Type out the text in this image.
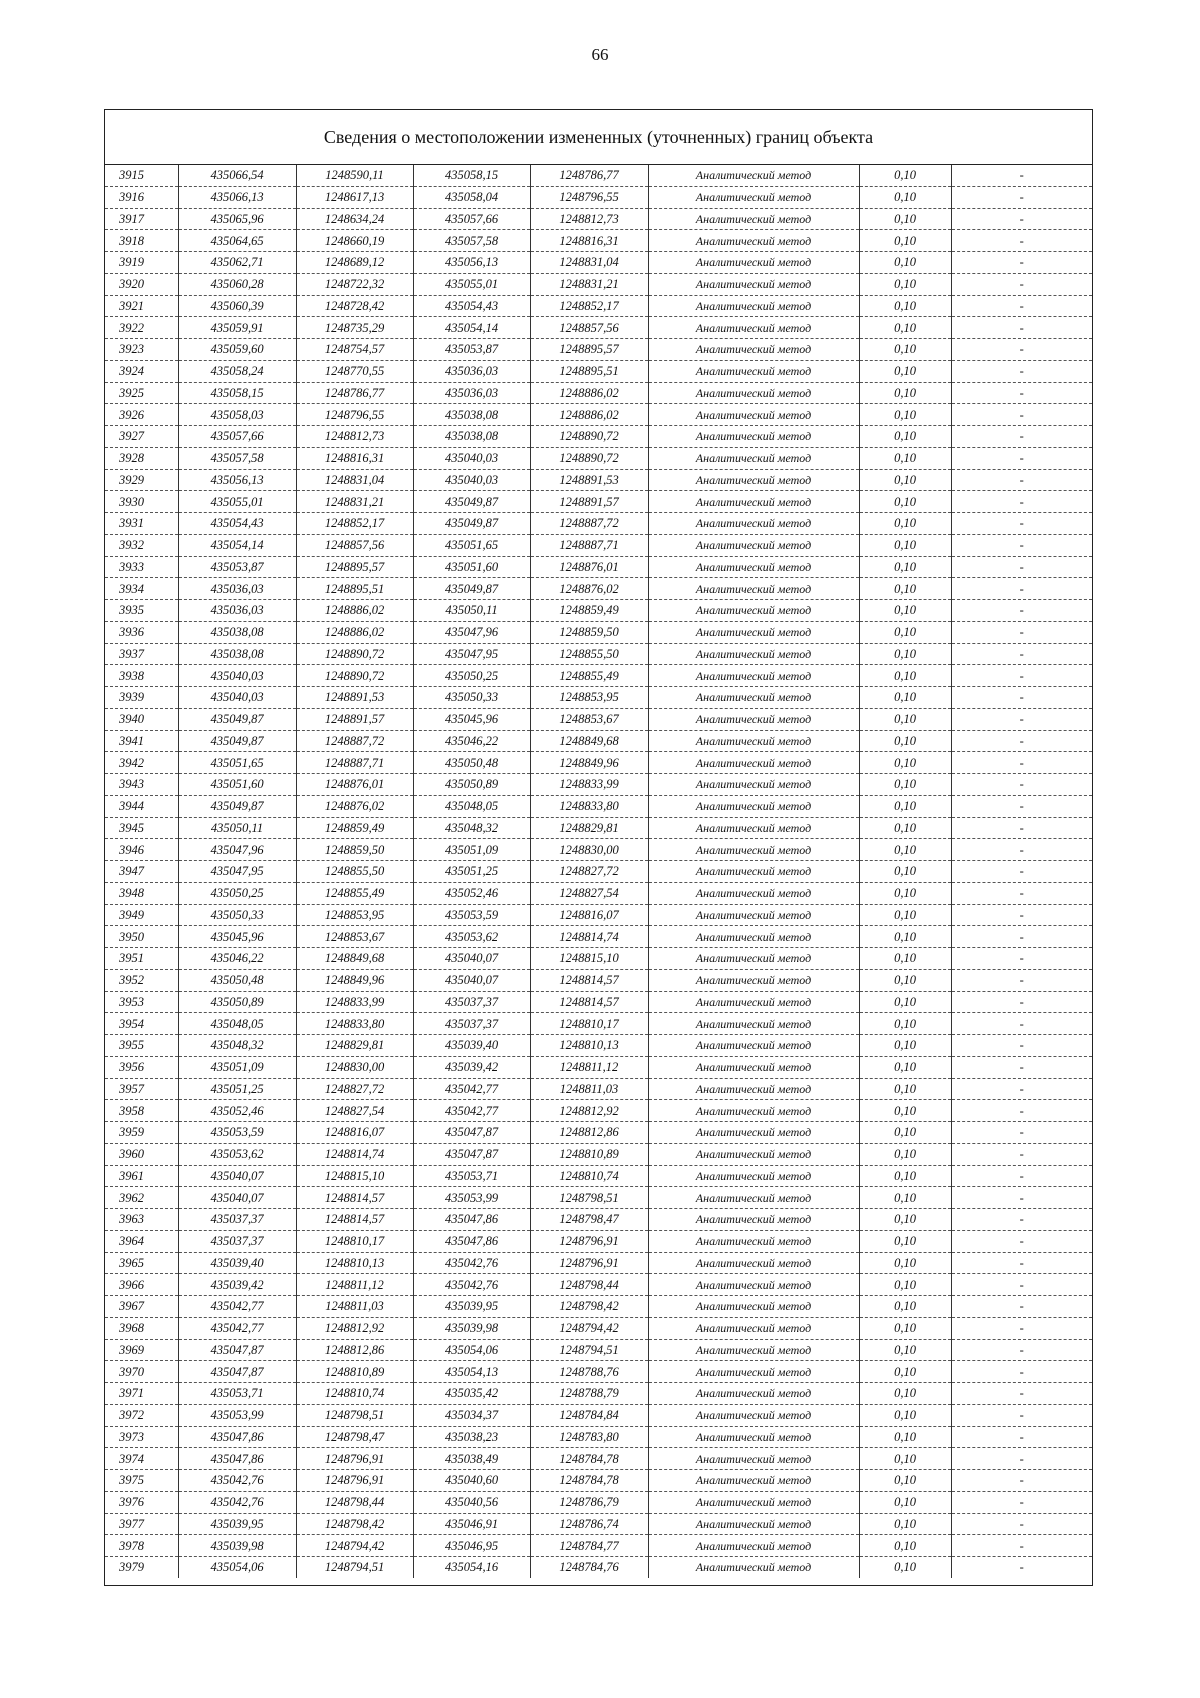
66
Сведения о местоположении измененных (уточненных) границ объекта
3915	435066,54	1248590,11	435058,15	1248786,77	Аналитический метод	0,10	-
3916	435066,13	1248617,13	435058,04	1248796,55	Аналитический метод	0,10	-
3917	435065,96	1248634,24	435057,66	1248812,73	Аналитический метод	0,10	-
3918	435064,65	1248660,19	435057,58	1248816,31	Аналитический метод	0,10	-
3919	435062,71	1248689,12	435056,13	1248831,04	Аналитический метод	0,10	-
3920	435060,28	1248722,32	435055,01	1248831,21	Аналитический метод	0,10	-
3921	435060,39	1248728,42	435054,43	1248852,17	Аналитический метод	0,10	-
3922	435059,91	1248735,29	435054,14	1248857,56	Аналитический метод	0,10	-
3923	435059,60	1248754,57	435053,87	1248895,57	Аналитический метод	0,10	-
3924	435058,24	1248770,55	435036,03	1248895,51	Аналитический метод	0,10	-
3925	435058,15	1248786,77	435036,03	1248886,02	Аналитический метод	0,10	-
3926	435058,03	1248796,55	435038,08	1248886,02	Аналитический метод	0,10	-
3927	435057,66	1248812,73	435038,08	1248890,72	Аналитический метод	0,10	-
3928	435057,58	1248816,31	435040,03	1248890,72	Аналитический метод	0,10	-
3929	435056,13	1248831,04	435040,03	1248891,53	Аналитический метод	0,10	-
3930	435055,01	1248831,21	435049,87	1248891,57	Аналитический метод	0,10	-
3931	435054,43	1248852,17	435049,87	1248887,72	Аналитический метод	0,10	-
3932	435054,14	1248857,56	435051,65	1248887,71	Аналитический метод	0,10	-
3933	435053,87	1248895,57	435051,60	1248876,01	Аналитический метод	0,10	-
3934	435036,03	1248895,51	435049,87	1248876,02	Аналитический метод	0,10	-
3935	435036,03	1248886,02	435050,11	1248859,49	Аналитический метод	0,10	-
3936	435038,08	1248886,02	435047,96	1248859,50	Аналитический метод	0,10	-
3937	435038,08	1248890,72	435047,95	1248855,50	Аналитический метод	0,10	-
3938	435040,03	1248890,72	435050,25	1248855,49	Аналитический метод	0,10	-
3939	435040,03	1248891,53	435050,33	1248853,95	Аналитический метод	0,10	-
3940	435049,87	1248891,57	435045,96	1248853,67	Аналитический метод	0,10	-
3941	435049,87	1248887,72	435046,22	1248849,68	Аналитический метод	0,10	-
3942	435051,65	1248887,71	435050,48	1248849,96	Аналитический метод	0,10	-
3943	435051,60	1248876,01	435050,89	1248833,99	Аналитический метод	0,10	-
3944	435049,87	1248876,02	435048,05	1248833,80	Аналитический метод	0,10	-
3945	435050,11	1248859,49	435048,32	1248829,81	Аналитический метод	0,10	-
3946	435047,96	1248859,50	435051,09	1248830,00	Аналитический метод	0,10	-
3947	435047,95	1248855,50	435051,25	1248827,72	Аналитический метод	0,10	-
3948	435050,25	1248855,49	435052,46	1248827,54	Аналитический метод	0,10	-
3949	435050,33	1248853,95	435053,59	1248816,07	Аналитический метод	0,10	-
3950	435045,96	1248853,67	435053,62	1248814,74	Аналитический метод	0,10	-
3951	435046,22	1248849,68	435040,07	1248815,10	Аналитический метод	0,10	-
3952	435050,48	1248849,96	435040,07	1248814,57	Аналитический метод	0,10	-
3953	435050,89	1248833,99	435037,37	1248814,57	Аналитический метод	0,10	-
3954	435048,05	1248833,80	435037,37	1248810,17	Аналитический метод	0,10	-
3955	435048,32	1248829,81	435039,40	1248810,13	Аналитический метод	0,10	-
3956	435051,09	1248830,00	435039,42	1248811,12	Аналитический метод	0,10	-
3957	435051,25	1248827,72	435042,77	1248811,03	Аналитический метод	0,10	-
3958	435052,46	1248827,54	435042,77	1248812,92	Аналитический метод	0,10	-
3959	435053,59	1248816,07	435047,87	1248812,86	Аналитический метод	0,10	-
3960	435053,62	1248814,74	435047,87	1248810,89	Аналитический метод	0,10	-
3961	435040,07	1248815,10	435053,71	1248810,74	Аналитический метод	0,10	-
3962	435040,07	1248814,57	435053,99	1248798,51	Аналитический метод	0,10	-
3963	435037,37	1248814,57	435047,86	1248798,47	Аналитический метод	0,10	-
3964	435037,37	1248810,17	435047,86	1248796,91	Аналитический метод	0,10	-
3965	435039,40	1248810,13	435042,76	1248796,91	Аналитический метод	0,10	-
3966	435039,42	1248811,12	435042,76	1248798,44	Аналитический метод	0,10	-
3967	435042,77	1248811,03	435039,95	1248798,42	Аналитический метод	0,10	-
3968	435042,77	1248812,92	435039,98	1248794,42	Аналитический метод	0,10	-
3969	435047,87	1248812,86	435054,06	1248794,51	Аналитический метод	0,10	-
3970	435047,87	1248810,89	435054,13	1248788,76	Аналитический метод	0,10	-
3971	435053,71	1248810,74	435035,42	1248788,79	Аналитический метод	0,10	-
3972	435053,99	1248798,51	435034,37	1248784,84	Аналитический метод	0,10	-
3973	435047,86	1248798,47	435038,23	1248783,80	Аналитический метод	0,10	-
3974	435047,86	1248796,91	435038,49	1248784,78	Аналитический метод	0,10	-
3975	435042,76	1248796,91	435040,60	1248784,78	Аналитический метод	0,10	-
3976	435042,76	1248798,44	435040,56	1248786,79	Аналитический метод	0,10	-
3977	435039,95	1248798,42	435046,91	1248786,74	Аналитический метод	0,10	-
3978	435039,98	1248794,42	435046,95	1248784,77	Аналитический метод	0,10	-
3979	435054,06	1248794,51	435054,16	1248784,76	Аналитический метод	0,10	-
